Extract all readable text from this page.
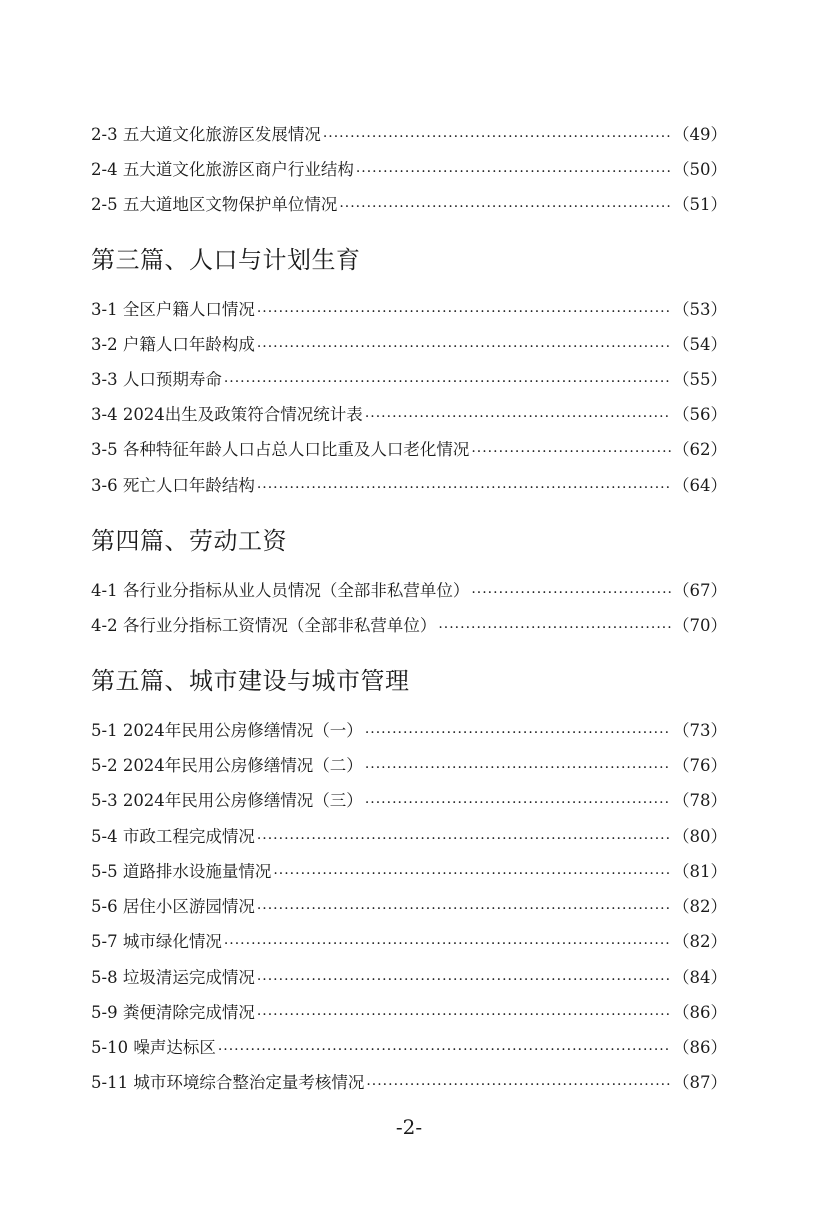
2-3 五大道文化旅游区发展情况 ·····	（49）
2-4 五大道文化旅游区商户行业结构 ·····	（50）
2-5 五大道地区文物保护单位情况 ·····	（51）
第三篇、人口与计划生育
3-1 全区户籍人口情况 ·····	（53）
3-2 户籍人口年龄构成 ·····	（54）
3-3 人口预期寿命 ·····	（55）
3-4 2024出生及政策符合情况统计表 ·····	（56）
3-5 各种特征年龄人口占总人口比重及人口老化情况 ·····	（62）
3-6 死亡人口年龄结构 ·····	（64）
第四篇、劳动工资
4-1 各行业分指标从业人员情况（全部非私营单位） ·····	（67）
4-2 各行业分指标工资情况（全部非私营单位） ·····	（70）
第五篇、城市建设与城市管理
5-1 2024年民用公房修缮情况（一） ·····	（73）
5-2 2024年民用公房修缮情况（二） ·····	（76）
5-3 2024年民用公房修缮情况（三） ·····	（78）
5-4 市政工程完成情况 ·····	（80）
5-5 道路排水设施量情况 ·····	（81）
5-6 居住小区游园情况 ·····	（82）
5-7 城市绿化情况 ·····	（82）
5-8 垃圾清运完成情况 ·····	（84）
5-9 粪便清除完成情况 ·····	（86）
5-10 噪声达标区 ·····	（86）
5-11 城市环境综合整治定量考核情况 ·····	（87）
-2-
